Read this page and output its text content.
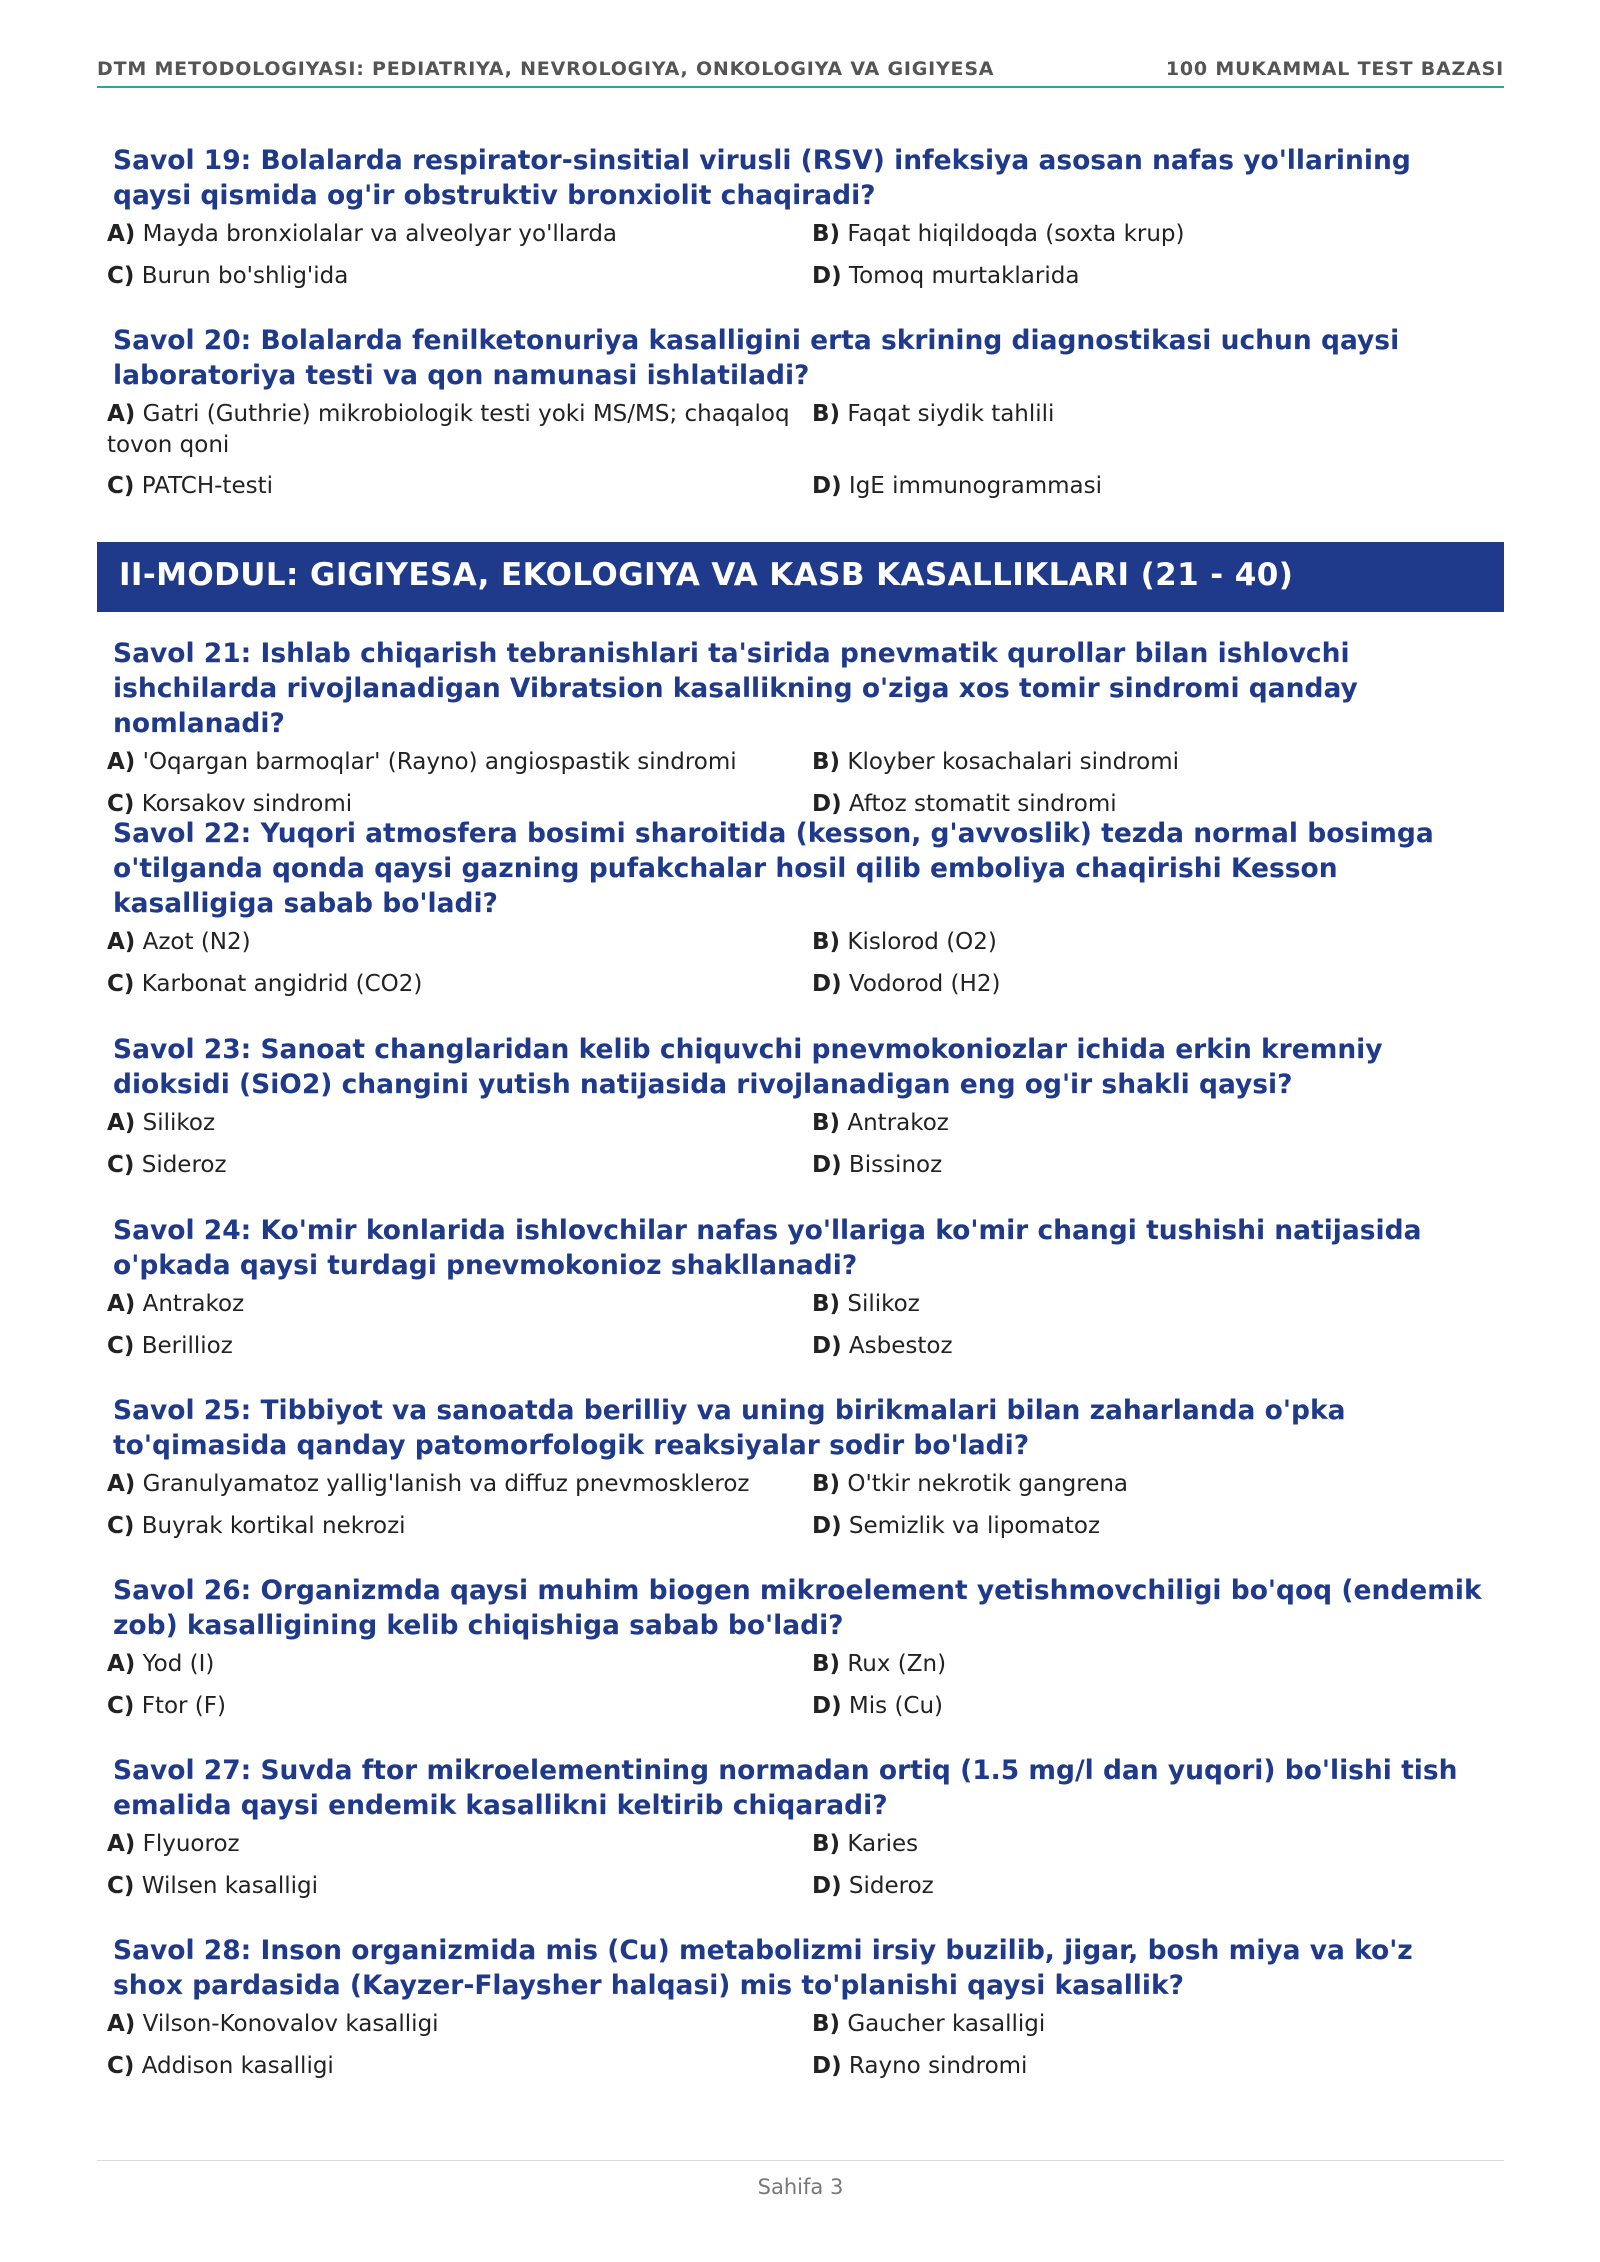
DTM METODOLOGIYASI: PEDIATRIYA, NEVROLOGIYA, ONKOLOGIYA VA GIGIYESA	100 MUKAMMAL TEST BAZASI
Savol 19: Bolalarda respirator-sinsitial virusli (RSV) infeksiya asosan nafas yo'llarining qaysi qismida og'ir obstruktiv bronxiolit chaqiradi?
A) Mayda bronxiolalar va alveolyar yo'llarda	B) Faqat hiqildoqda (soxta krup)
C) Burun bo'shlig'ida	D) Tomoq murtaklarida
Savol 20: Bolalarda fenilketonuriya kasalligini erta skrining diagnostikasi uchun qaysi laboratoriya testi va qon namunasi ishlatiladi?
A) Gatri (Guthrie) mikrobiologik testi yoki MS/MS; chaqaloq tovon qoni
B) Faqat siydik tahlili
C) PATCH-testi	D) IgE immunogrammasi
II-MODUL: GIGIYESA, EKOLOGIYA VA KASB KASALLIKLARI (21 - 40)
Savol 21: Ishlab chiqarish tebranishlari ta'sirida pnevmatik qurollar bilan ishlovchi ishchilarda rivojlanadigan Vibratsion kasallikning o'ziga xos tomir sindromi qanday nomlanadi?
A) 'Oqargan barmoqlar' (Rayno) angiospastik sindromi	B) Kloyber kosachalari sindromi
C) Korsakov sindromi	D) Aftoz stomatit sindromi
Savol 22: Yuqori atmosfera bosimi sharoitida (kesson, g'avvoslik) tezda normal bosimga o'tilganda qonda qaysi gazning pufakchalar hosil qilib emboliya chaqirishi Kesson kasalligiga sabab bo'ladi?
A) Azot (N2)	B) Kislorod (O2)
C) Karbonat angidrid (CO2)	D) Vodorod (H2)
Savol 23: Sanoat changlaridan kelib chiquvchi pnevmokoniozlar ichida erkin kremniy dioksidi (SiO2) changini yutish natijasida rivojlanadigan eng og'ir shakli qaysi?
A) Silikoz	B) Antrakoz
C) Sideroz	D) Bissinoz
Savol 24: Ko'mir konlarida ishlovchilar nafas yo'llariga ko'mir changi tushishi natijasida o'pkada qaysi turdagi pnevmokonioz shakllanadi?
A) Antrakoz	B) Silikoz
C) Berillioz	D) Asbestoz
Savol 25: Tibbiyot va sanoatda berilliy va uning birikmalari bilan zaharlanda o'pka to'qimasida qanday patomorfologik reaksiyalar sodir bo'ladi?
A) Granulyamatoz yallig'lanish va diffuz pnevmoskleroz	B) O'tkir nekrotik gangrena
C) Buyrak kortikal nekrozi	D) Semizlik va lipomatoz
Savol 26: Organizmda qaysi muhim biogen mikroelement yetishmovchiligi bo'qoq (endemik zob) kasalligining kelib chiqishiga sabab bo'ladi?
A) Yod (I)	B) Rux (Zn)
C) Ftor (F)	D) Mis (Cu)
Savol 27: Suvda ftor mikroelementining normadan ortiq (1.5 mg/l dan yuqori) bo'lishi tish emalida qaysi endemik kasallikni keltirib chiqaradi?
A) Flyuoroz	B) Karies
C) Wilsen kasalligi	D) Sideroz
Savol 28: Inson organizmida mis (Cu) metabolizmi irsiy buzilib, jigar, bosh miya va ko'z shox pardasida (Kayzer-Flaysher halqasi) mis to'planishi qaysi kasallik?
A) Vilson-Konovalov kasalligi	B) Gaucher kasalligi
C) Addison kasalligi	D) Rayno sindromi
Sahifa 3
